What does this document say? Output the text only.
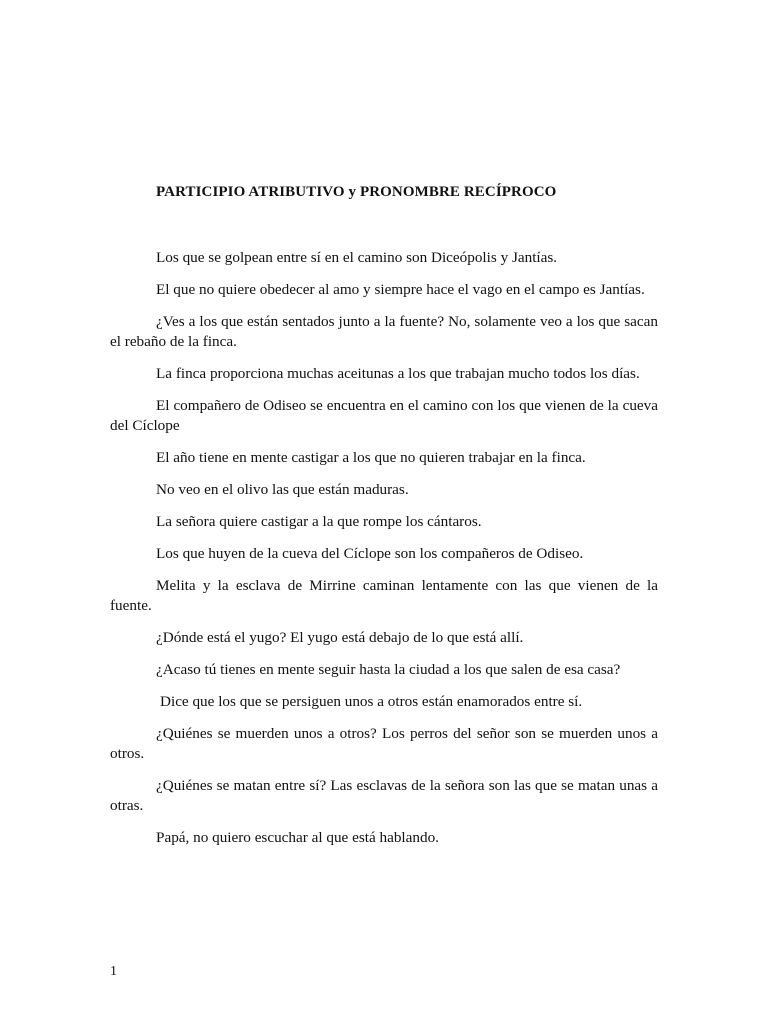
PARTICIPIO ATRIBUTIVO y PRONOMBRE RECÍPROCO

Los que se golpean entre sí en el camino son Diceópolis y Jantías.

El que no quiere obedecer al amo y siempre hace el vago en el campo es Jantías.

¿Ves a los que están sentados junto a la fuente? No, solamente veo a los que sacan el rebaño de la finca.

La finca proporciona muchas aceitunas a los que trabajan mucho todos los días.

El compañero de Odiseo se encuentra en el camino con los que vienen de la cueva del Cíclope

El año tiene en mente castigar a los que no quieren trabajar en la finca.

No veo en el olivo las que están maduras.

La señora quiere castigar a la que rompe los cántaros.

Los que huyen de la cueva del Cíclope son los compañeros de Odiseo.

Melita y la esclava de Mirrine caminan lentamente con las que vienen de la fuente.

¿Dónde está el yugo? El yugo está debajo de lo que está allí.

¿Acaso tú tienes en mente seguir hasta la ciudad a los que salen de esa casa?

Dice que los que se persiguen unos a otros están enamorados entre sí.

¿Quiénes se muerden unos a otros? Los perros del señor son se muerden unos a otros.

¿Quiénes se matan entre sí? Las esclavas de la señora son las que se matan unas a otras.

Papá, no quiero escuchar al que está hablando.

1
